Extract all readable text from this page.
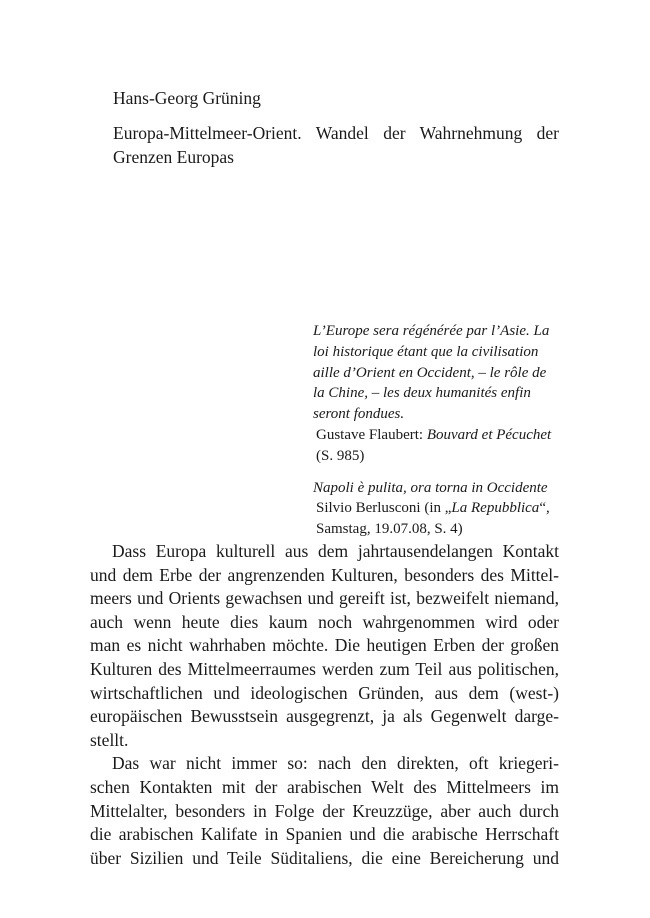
Hans-Georg Grüning
Europa-Mittelmeer-Orient. Wandel der Wahrnehmung der Grenzen Europas
L’Europe sera régénérée par l’Asie. La
loi historique étant que la civilisation
aille d’Orient en Occident, – le rôle de
la Chine, – les deux humanités enfin
seront fondues.
Gustave Flaubert: Bouvard et Pécuchet
(S. 985)
Napoli è pulita, ora torna in Occidente
Silvio Berlusconi (in „La Repubblica“,
Samstag, 19.07.08, S. 4)
Dass Europa kulturell aus dem jahrtausendelangen Kontakt
und dem Erbe der angrenzenden Kulturen, besonders des Mittel-
meers und Orients gewachsen und gereift ist, bezweifelt niemand,
auch wenn heute dies kaum noch wahrgenommen wird oder
man es nicht wahrhaben möchte. Die heutigen Erben der großen
Kulturen des Mittelmeerraumes werden zum Teil aus politischen,
wirtschaftlichen und ideologischen Gründen, aus dem (west-)
europäischen Bewusstsein ausgegrenzt, ja als Gegenwelt darge-
stellt.
Das war nicht immer so: nach den direkten, oft kriegeri-
schen Kontakten mit der arabischen Welt des Mittelmeers im
Mittelalter, besonders in Folge der Kreuzzüge, aber auch durch
die arabischen Kalifate in Spanien und die arabische Herrschaft
über Sizilien und Teile Süditaliens, die eine Bereicherung und
